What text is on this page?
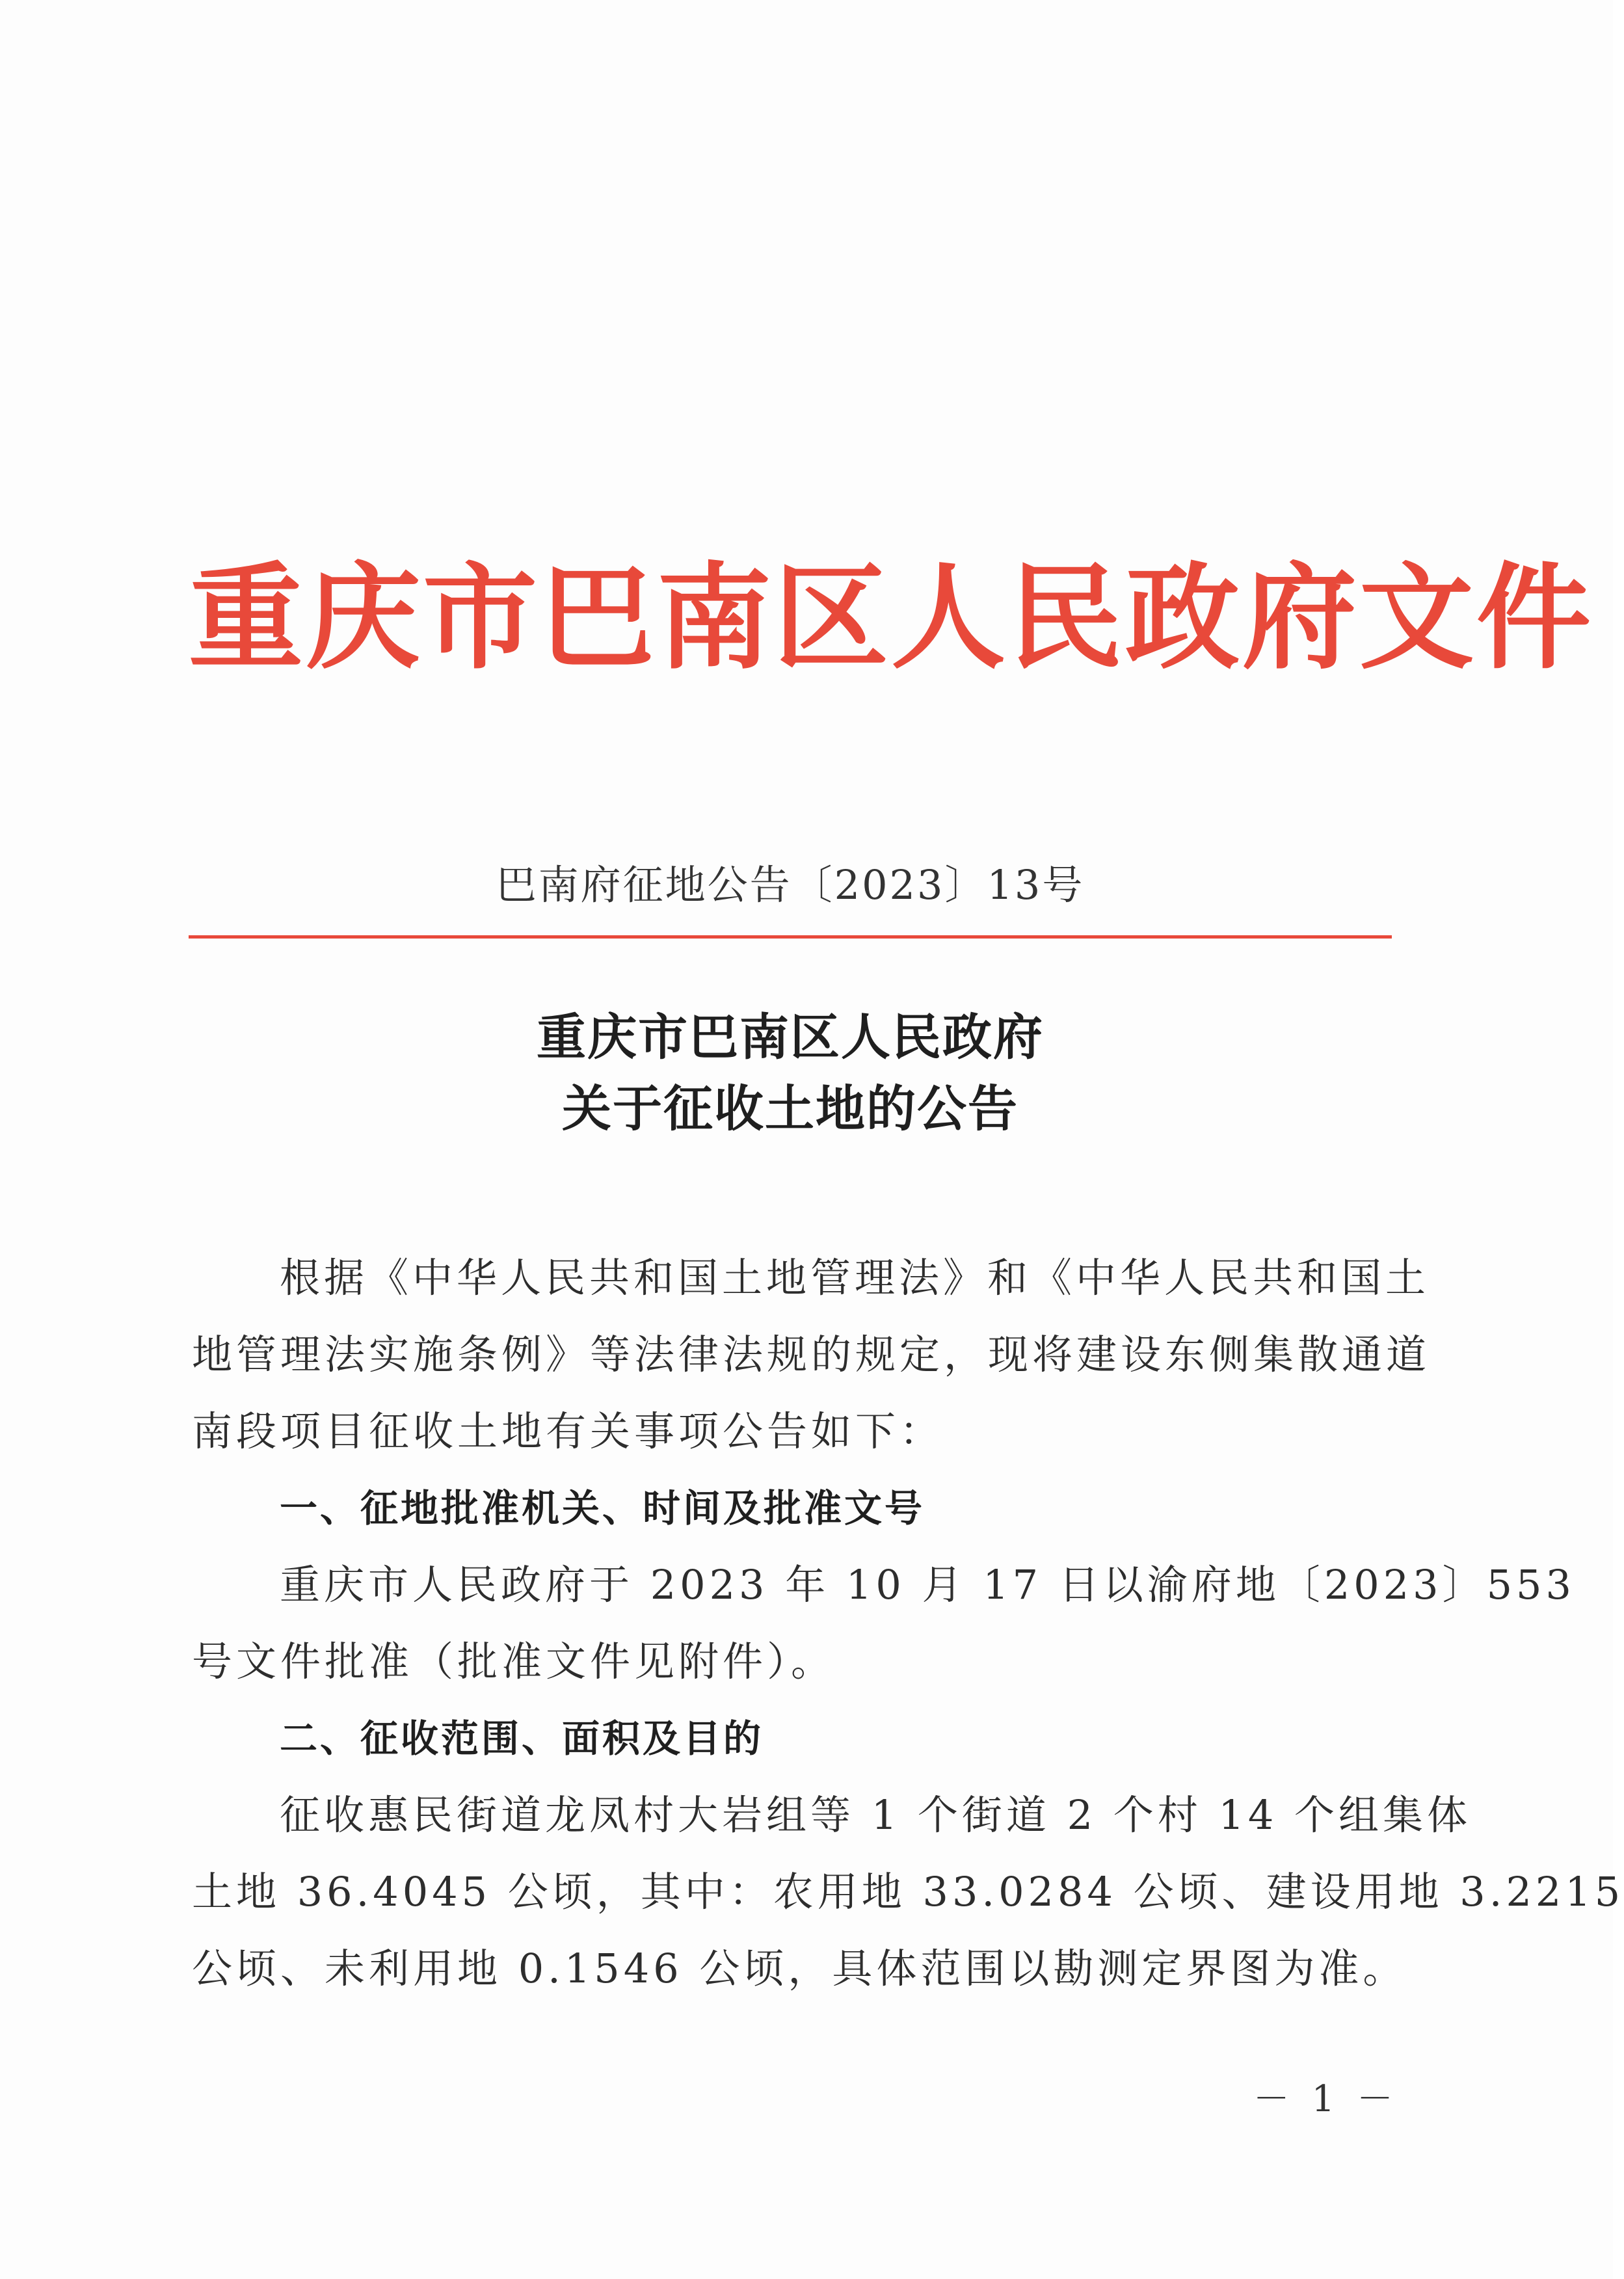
重庆市巴南区人民政府文件
巴南府征地公告〔2023〕13号
重庆市巴南区人民政府
关于征收土地的公告
根据《中华人民共和国土地管理法》和《中华人民共和国土
地管理法实施条例》等法律法规的规定，现将建设东侧集散通道
南段项目征收土地有关事项公告如下：
一、征地批准机关、时间及批准文号
重庆市人民政府于 2023 年 10 月 17 日以渝府地〔2023〕553
号文件批准（批准文件见附件）。
二、征收范围、面积及目的
征收惠民街道龙凤村大岩组等 1 个街道 2 个村 14 个组集体
土地 36.4045 公顷，其中：农用地 33.0284 公顷、建设用地 3.2215
公顷、未利用地 0.1546 公顷，具体范围以勘测定界图为准。
－ 1 －
